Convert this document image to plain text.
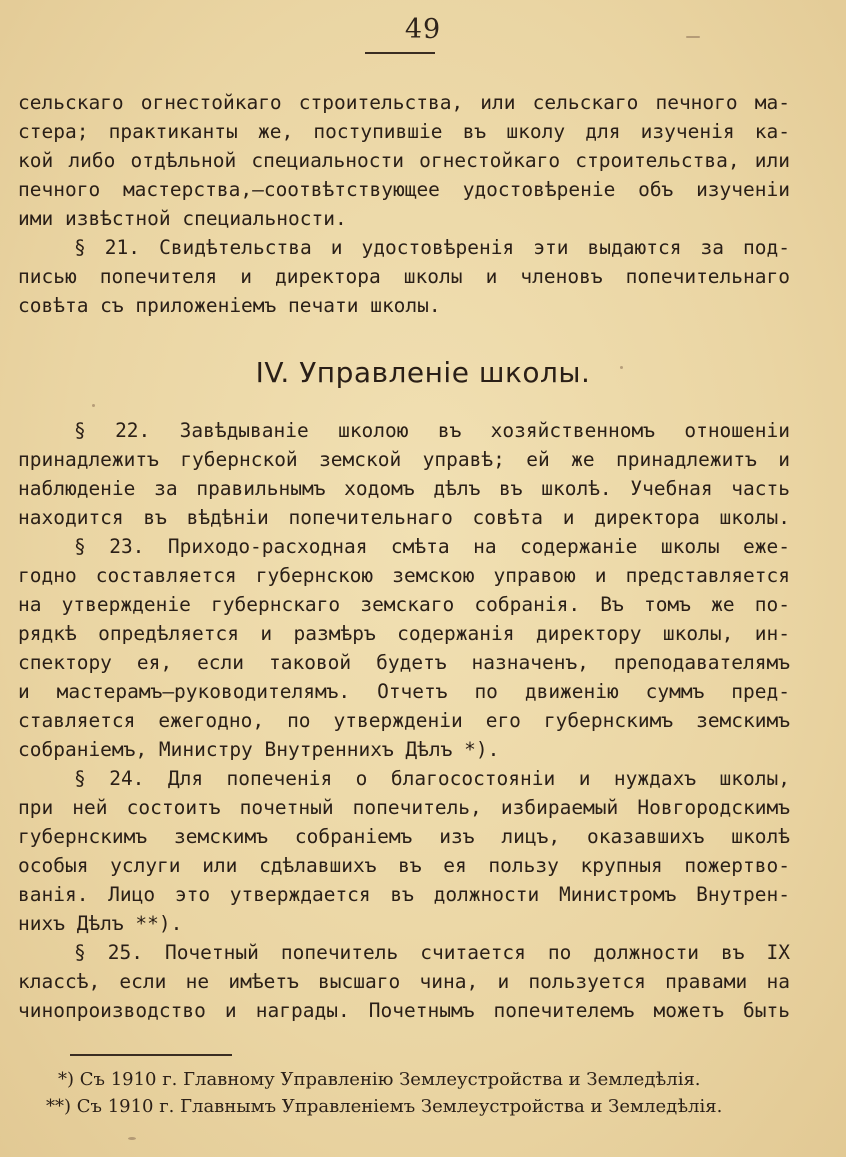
49
сельскаго огнестойкаго строительства, или сельскаго печного ма-
стера; практиканты же, поступившіе въ школу для изученія ка-
кой либо отдѣльной специальности огнестойкаго строительства, или
печного мастерства,—соотвѣтствующее удостовѣреніе объ изученіи
ими извѣстной специальности.
§ 21. Свидѣтельства и удостовѣренія эти выдаются за под-
писью попечителя и директора школы и членовъ попечительнаго
совѣта съ приложеніемъ печати школы.
IV. Управленіе школы.
§ 22. Завѣдываніе школою въ хозяйственномъ отношеніи
принадлежитъ губернской земской управѣ; ей же принадлежитъ и
наблюденіе за правильнымъ ходомъ дѣлъ въ школѣ. Учебная часть
находится въ вѣдѣніи попечительнаго совѣта и директора школы.
§ 23. Приходо-расходная смѣта на содержаніе школы еже-
годно составляется губернскою земскою управою и представляется
на утвержденіе губернскаго земскаго собранія. Въ томъ же по-
рядкѣ опредѣляется и размѣръ содержанія директору школы, ин-
спектору ея, если таковой будетъ назначенъ, преподавателямъ
и мастерамъ—руководителямъ. Отчетъ по движенію суммъ пред-
ставляется ежегодно, по утвержденіи его губернскимъ земскимъ
собраніемъ, Министру Внутреннихъ Дѣлъ *).
§ 24. Для попеченія о благосостояніи и нуждахъ школы,
при ней состоитъ почетный попечитель, избираемый Новгородскимъ
губернскимъ земскимъ собраніемъ изъ лицъ, оказавшихъ школѣ
особыя услуги или сдѣлавшихъ въ ея пользу крупныя пожертво-
ванія. Лицо это утверждается въ должности Министромъ Внутрен-
нихъ Дѣлъ **).
§ 25. Почетный попечитель считается по должности въ IX
классѣ, если не имѣетъ высшаго чина, и пользуется правами на
чинопроизводство и награды. Почетнымъ попечителемъ можетъ быть
*) Съ 1910 г. Главному Управленію Землеустройства и Земледѣлія.
**) Съ 1910 г. Главнымъ Управленіемъ Землеустройства и Земледѣлія.
